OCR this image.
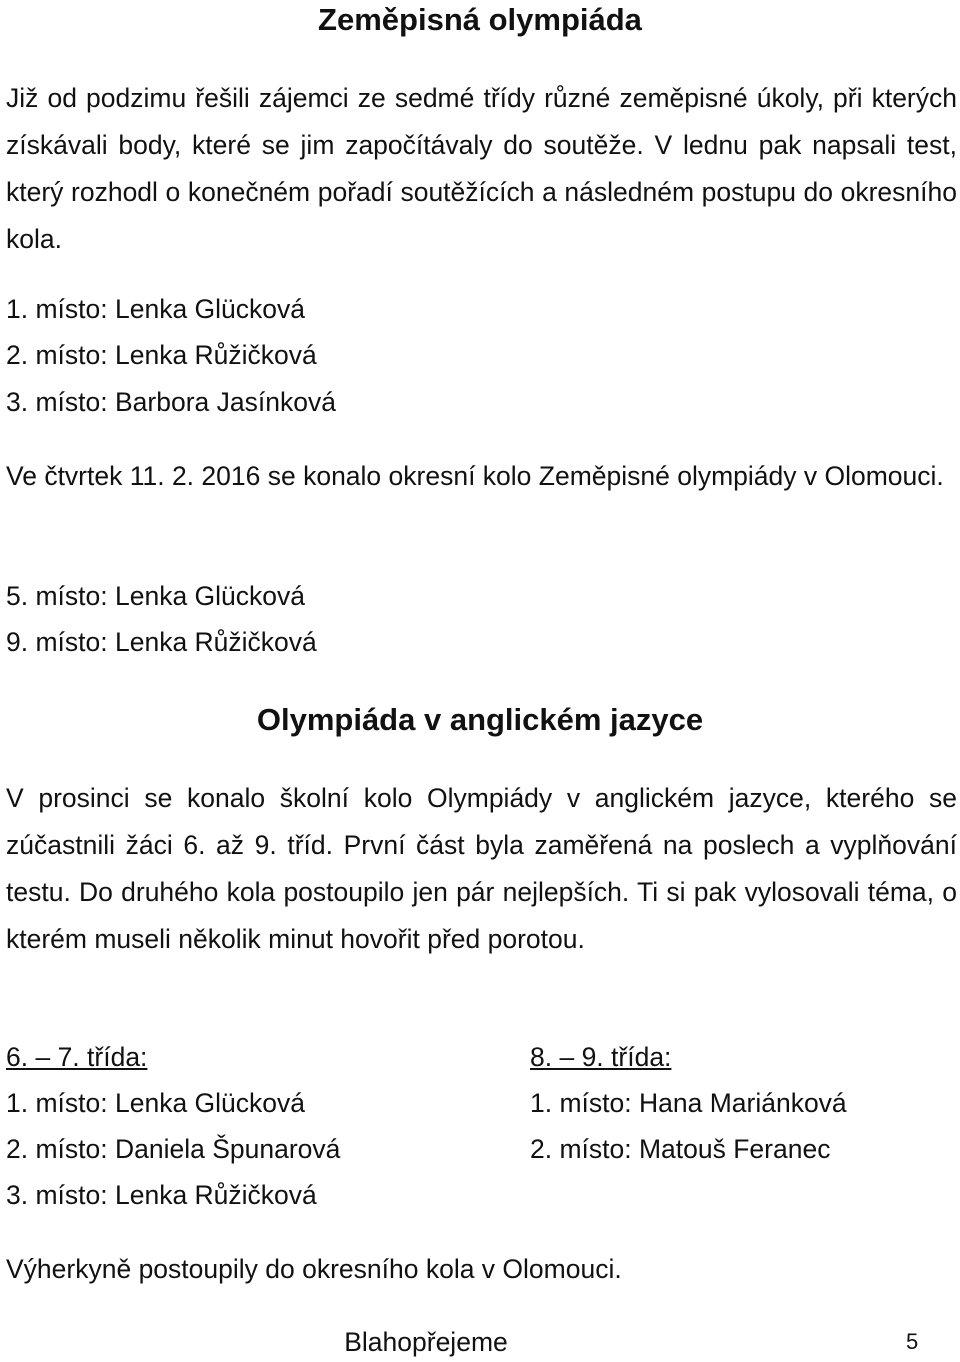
Zeměpisná olympiáda

Již od podzimu řešili zájemci ze sedmé třídy různé zeměpisné úkoly, při kterých získávali body, které se jim započítávaly do soutěže. V lednu pak napsali test, který rozhodl o konečném pořadí soutěžících a následném postupu do okresního kola.

1. místo: Lenka Glücková

2. místo: Lenka Růžičková

3. místo: Barbora Jasínková

Ve čtvrtek 11. 2. 2016 se konalo okresní kolo Zeměpisné olympiády v Olomouci.

5. místo: Lenka Glücková

9. místo: Lenka Růžičková

Olympiáda v anglickém jazyce

V prosinci se konalo školní kolo Olympiády v anglickém jazyce, kterého se zúčastnili žáci 6. až 9. tříd. První část byla zaměřená na poslech a vyplňování testu. Do druhého kola postoupilo jen pár nejlepších. Ti si pak vylosovali téma, o kterém museli několik minut hovořit před porotou.

6. – 7. třída:

1. místo: Lenka Glücková

2. místo: Daniela Špunarová

3. místo: Lenka Růžičková

8. – 9. třída:

1. místo: Hana Mariánková

2. místo: Matouš Feranec

Výherkyně postoupily do okresního kola v Olomouci.

Blahopřejeme	5
